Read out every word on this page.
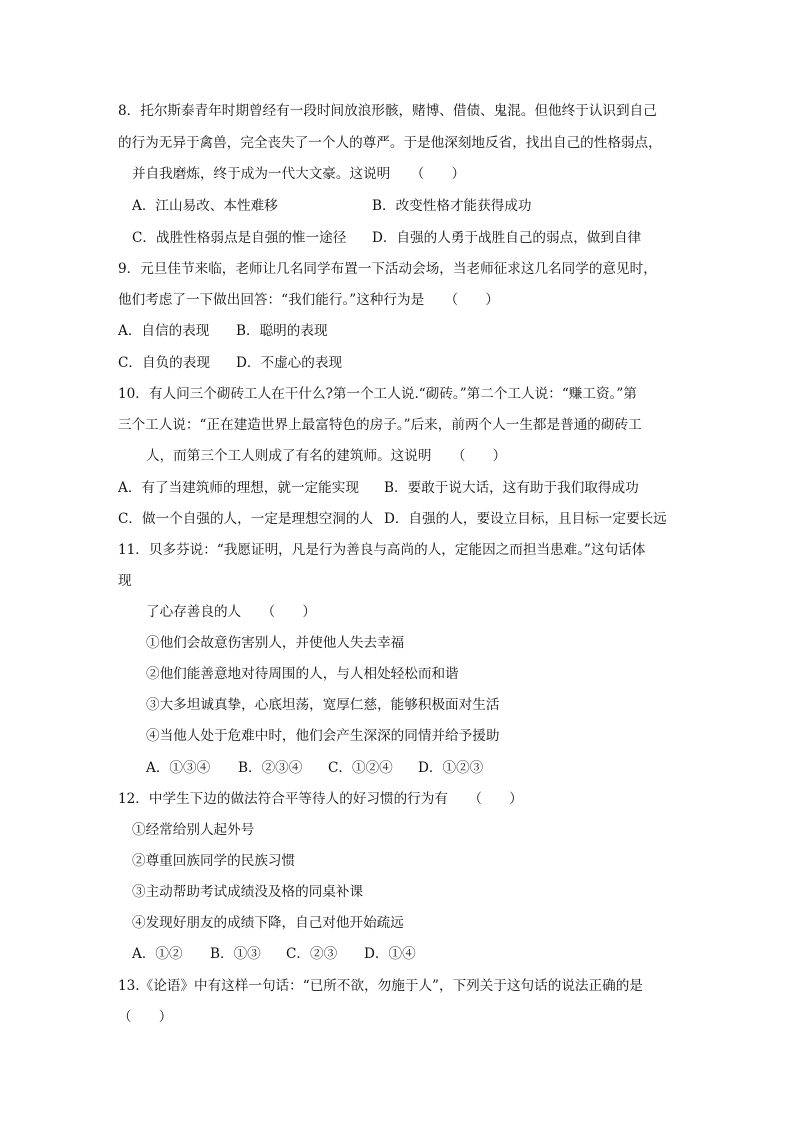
8．托尔斯泰青年时期曾经有一段时间放浪形骸，赌博、借债、鬼混。但他终于认识到自己
的行为无异于禽兽，完全丧失了一个人的尊严。于是他深刻地反省，找出自己的性格弱点，
并自我磨炼，终于成为一代大文豪。这说明　　（　　）
A．江山易改、本性难移	B．改变性格才能获得成功
C．战胜性格弱点是自强的惟一途径 D．自强的人勇于战胜自己的弱点，做到自律
9．元旦佳节来临，老师让几名同学布置一下活动会场，当老师征求这几名同学的意见时，
他们考虑了一下做出回答：“我们能行。”这种行为是　　（　　）
A．自信的表现 B．聪明的表现
C．自负的表现 D．不虚心的表现
10．有人问三个砌砖工人在干什么?第一个工人说.“砌砖。”第二个工人说：“赚工资。”第
三个工人说：“正在建造世界上最富特色的房子。”后来，前两个人一生都是普通的砌砖工
人，而第三个工人则成了有名的建筑师。这说明　　（　　）
A．有了当建筑师的理想，就一定能实现 B．要敢于说大话，这有助于我们取得成功
C．做一个自强的人，一定是理想空洞的人 D．自强的人，要设立目标，且目标一定要长远
11．贝多芬说：“我愿证明，凡是行为善良与高尚的人，定能因之而担当患难。”这句话体
现
了心存善良的人　　（　　）
①他们会故意伤害别人，并使他人失去幸福
②他们能善意地对待周围的人，与人相处轻松而和谐
③大多坦诚真挚，心底坦荡，宽厚仁慈，能够积极面对生活
④当他人处于危难中时，他们会产生深深的同情并给予援助
A．①③④ B．②③④ C．①②④ D．①②③
12．中学生下边的做法符合平等待人的好习惯的行为有　　（　　）
①经常给别人起外号
②尊重回族同学的民族习惯
③主动帮助考试成绩没及格的同桌补课
④发现好朋友的成绩下降，自己对他开始疏远
A．①② B．①③ C．②③ D．①④
13.《论语》中有这样一句话：“已所不欲，勿施于人”，下列关于这句话的说法正确的是
（　　）
